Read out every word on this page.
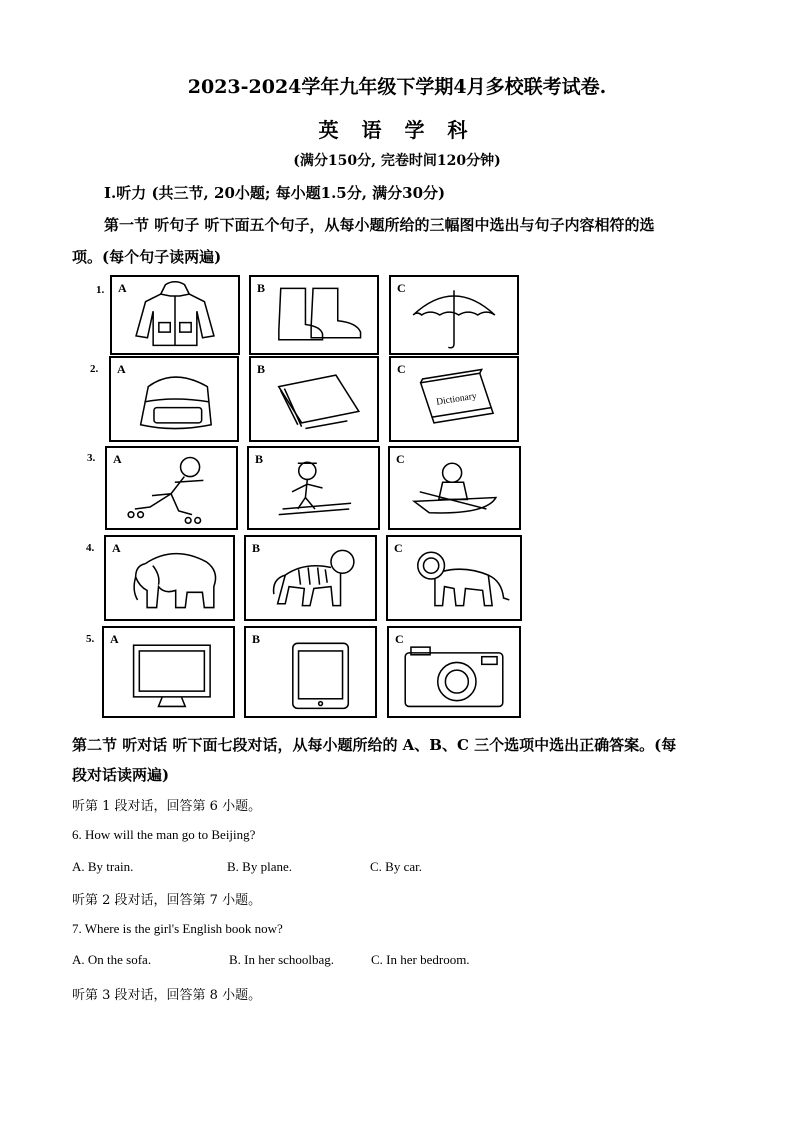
2023-2024学年九年级下学期4月多校联考试卷.
英 语 学 科
(满分150分, 完卷时间120分钟)
Ⅰ.听力 (共三节, 20小题; 每小题1.5分, 满分30分)
第一节 听句子 听下面五个句子，从每小题所给的三幅图中选出与句子内容相符的选
项。(每个句子读两遍)
1. A	B	C
2. A	B	C
Dictionary
3. A	B	C
4. A	B	C
5. A	B	C
第二节 听对话 听下面七段对话，从每小题所给的 A、B、C 三个选项中选出正确答案。(每
段对话读两遍)
听第 1 段对话，回答第 6 小题。
6. How will the man go to Beijing?
A. By train.	B. By plane.	C. By car.
听第 2 段对话，回答第 7 小题。
7. Where is the girl's English book now?
A. On the sofa.	B. In her schoolbag.	C. In her bedroom.
听第 3 段对话，回答第 8 小题。
